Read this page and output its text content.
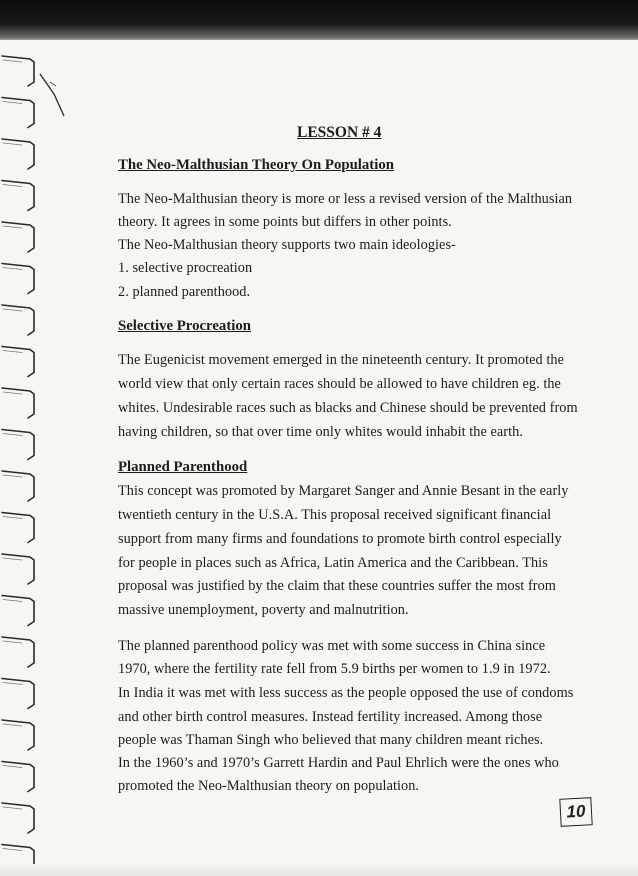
LESSON # 4
The Neo-Malthusian Theory On Population
The Neo-Malthusian theory is more or less a revised version of the Malthusian
theory. It agrees in some points but differs in other points.
The Neo-Malthusian theory supports two main ideologies-
1. selective procreation
2. planned parenthood.
Selective Procreation
The Eugenicist movement emerged in the nineteenth century. It promoted the
world view that only certain races should be allowed to have children eg. the
whites. Undesirable races such as blacks and Chinese should be prevented from
having children, so that over time only whites would inhabit the earth.
Planned Parenthood
This concept was promoted by Margaret Sanger and Annie Besant in the early
twentieth century in the U.S.A. This proposal received significant financial
support from many firms and foundations to promote birth control especially
for people in places such as Africa, Latin America and the Caribbean. This
proposal was justified by the claim that these countries suffer the most from
massive unemployment, poverty and malnutrition.
The planned parenthood policy was met with some success in China since
1970, where the fertility rate fell from 5.9 births per women to 1.9 in 1972.
In India it was met with less success as the people opposed the use of condoms
and other birth control measures. Instead fertility increased. Among those
people was Thaman Singh who believed that many children meant riches.
In the 1960’s and 1970’s Garrett Hardin and Paul Ehrlich were the ones who
promoted the Neo-Malthusian theory on population.
10
